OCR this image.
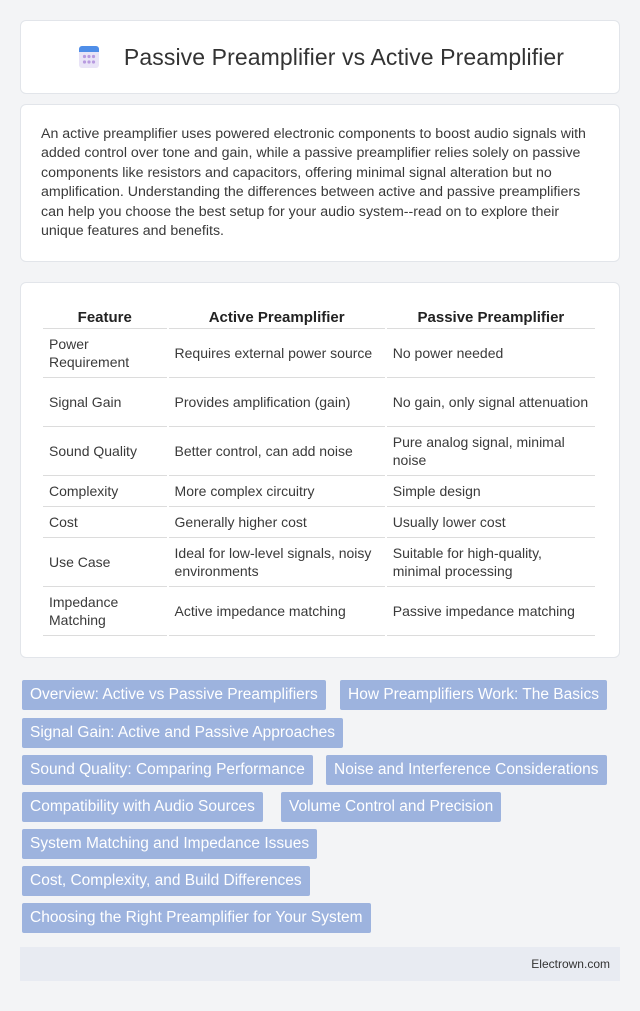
Passive Preamplifier vs Active Preamplifier

An active preamplifier uses powered electronic components to boost audio signals with added control over tone and gain, while a passive preamplifier relies solely on passive components like resistors and capacitors, offering minimal signal alteration but no amplification. Understanding the differences between active and passive preamplifiers can help you choose the best setup for your audio system--read on to explore their unique features and benefits.

Feature	Active Preamplifier	Passive Preamplifier
Power Requirement	Requires external power source	No power needed
Signal Gain	Provides amplification (gain)	No gain, only signal attenuation
Sound Quality	Better control, can add noise	Pure analog signal, minimal noise
Complexity	More complex circuitry	Simple design
Cost	Generally higher cost	Usually lower cost
Use Case	Ideal for low-level signals, noisy environments	Suitable for high-quality, minimal processing
Impedance Matching	Active impedance matching	Passive impedance matching
Overview: Active vs Passive Preamplifiers	How Preamplifiers Work: The Basics
Signal Gain: Active and Passive Approaches
Sound Quality: Comparing Performance	Noise and Interference Considerations
Compatibility with Audio Sources	Volume Control and Precision
System Matching and Impedance Issues
Cost, Complexity, and Build Differences
Choosing the Right Preamplifier for Your System
Electrown.com
